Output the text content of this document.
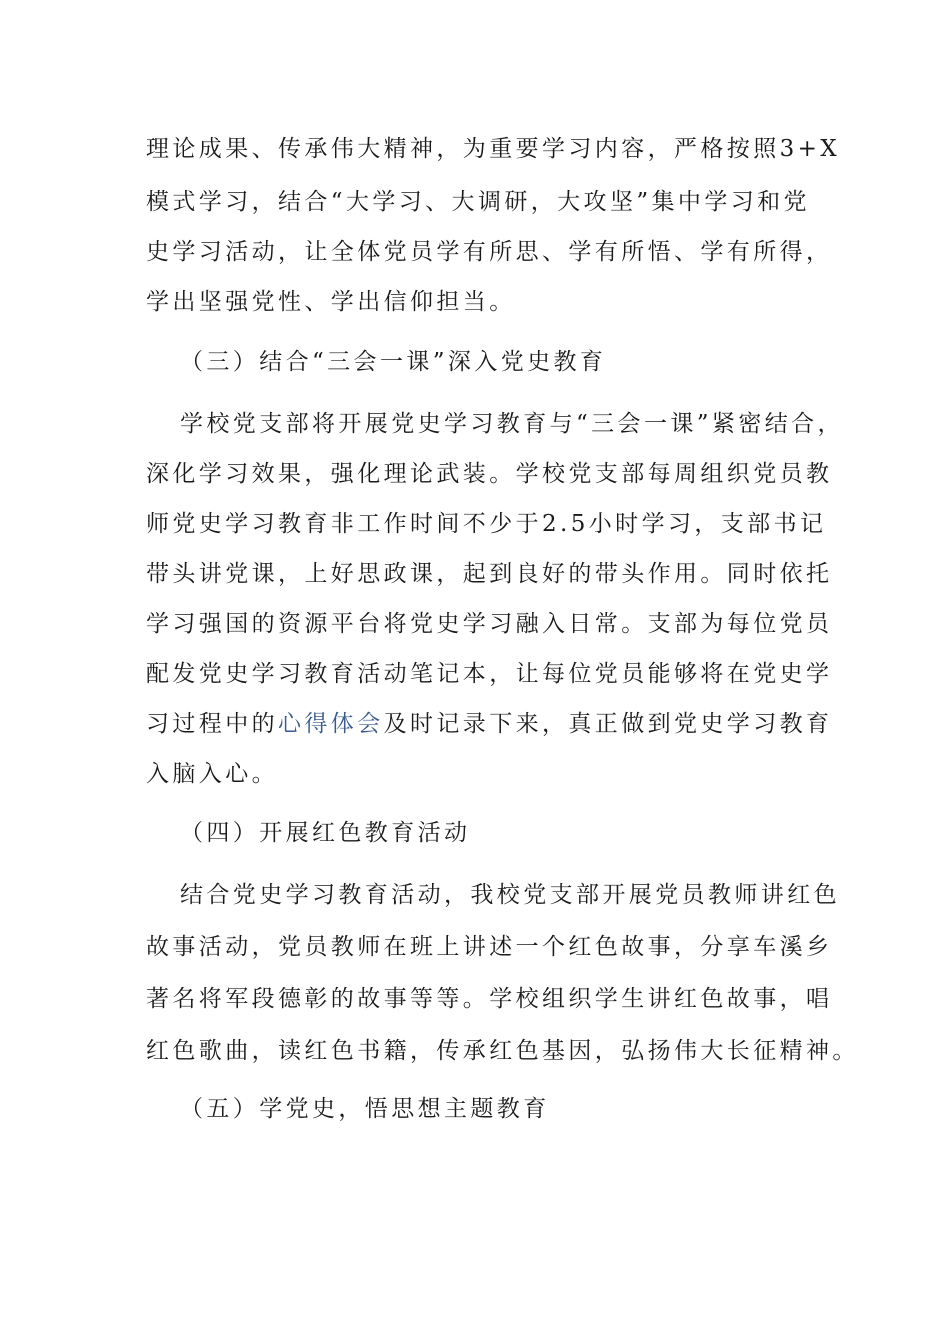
理论成果、传承伟大精神，为重要学习内容，严格按照3+X
模式学习，结合“大学习、大调研，大攻坚”集中学习和党
史学习活动，让全体党员学有所思、学有所悟、学有所得，
学出坚强党性、学出信仰担当。
（三）结合“三会一课”深入党史教育
学校党支部将开展党史学习教育与“三会一课”紧密结合，
深化学习效果，强化理论武装。学校党支部每周组织党员教
师党史学习教育非工作时间不少于2.5小时学习，支部书记
带头讲党课，上好思政课，起到良好的带头作用。同时依托
学习强国的资源平台将党史学习融入日常。支部为每位党员
配发党史学习教育活动笔记本，让每位党员能够将在党史学
习过程中的心得体会及时记录下来，真正做到党史学习教育
入脑入心。
（四）开展红色教育活动
结合党史学习教育活动，我校党支部开展党员教师讲红色
故事活动，党员教师在班上讲述一个红色故事，分享车溪乡
著名将军段德彰的故事等等。学校组织学生讲红色故事，唱
红色歌曲，读红色书籍，传承红色基因，弘扬伟大长征精神。
（五）学党史，悟思想主题教育
